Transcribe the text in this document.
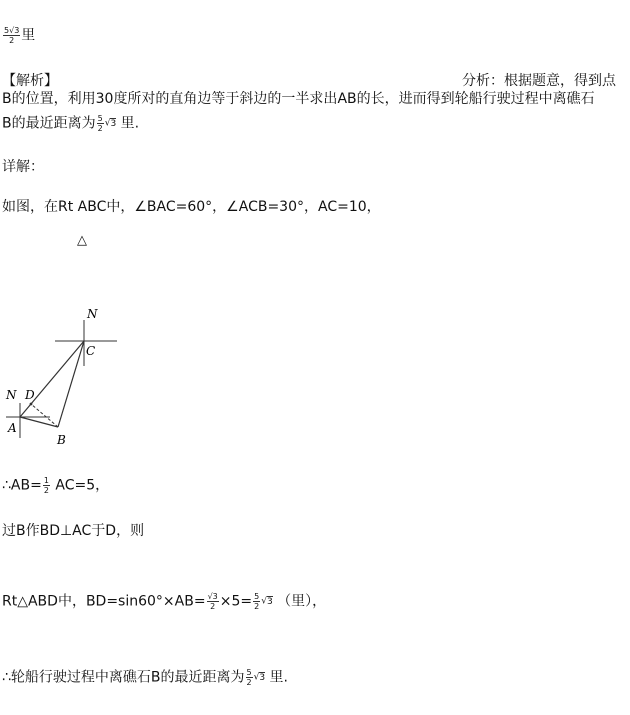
$\frac{5√3}{2}$ 里
【解析】	分析：根据题意，得到点
B的位置，利用30度所对的直角边等于斜边的一半求出AB的长，进而得到轮船行驶过程中离礁石
B的最近距离为 $\frac{5}{2} √3$ 里.
详解：
如图，在Rt ABC中，∠BAC=60°，∠ACB=30°，AC=10，
△
N
C
N D
A
B
∴AB= $\frac{1}{2} AC=5$，
过B作BD⊥AC于D，则
Rt△ABD中，$BD=\sin 60^\circ\times AB= \frac{√3}{2} \times 5= \frac{5}{2} √3$ （里），
∴轮船行驶过程中离礁石B的最近距离为 $\frac{5}{2} √3$ 里.
